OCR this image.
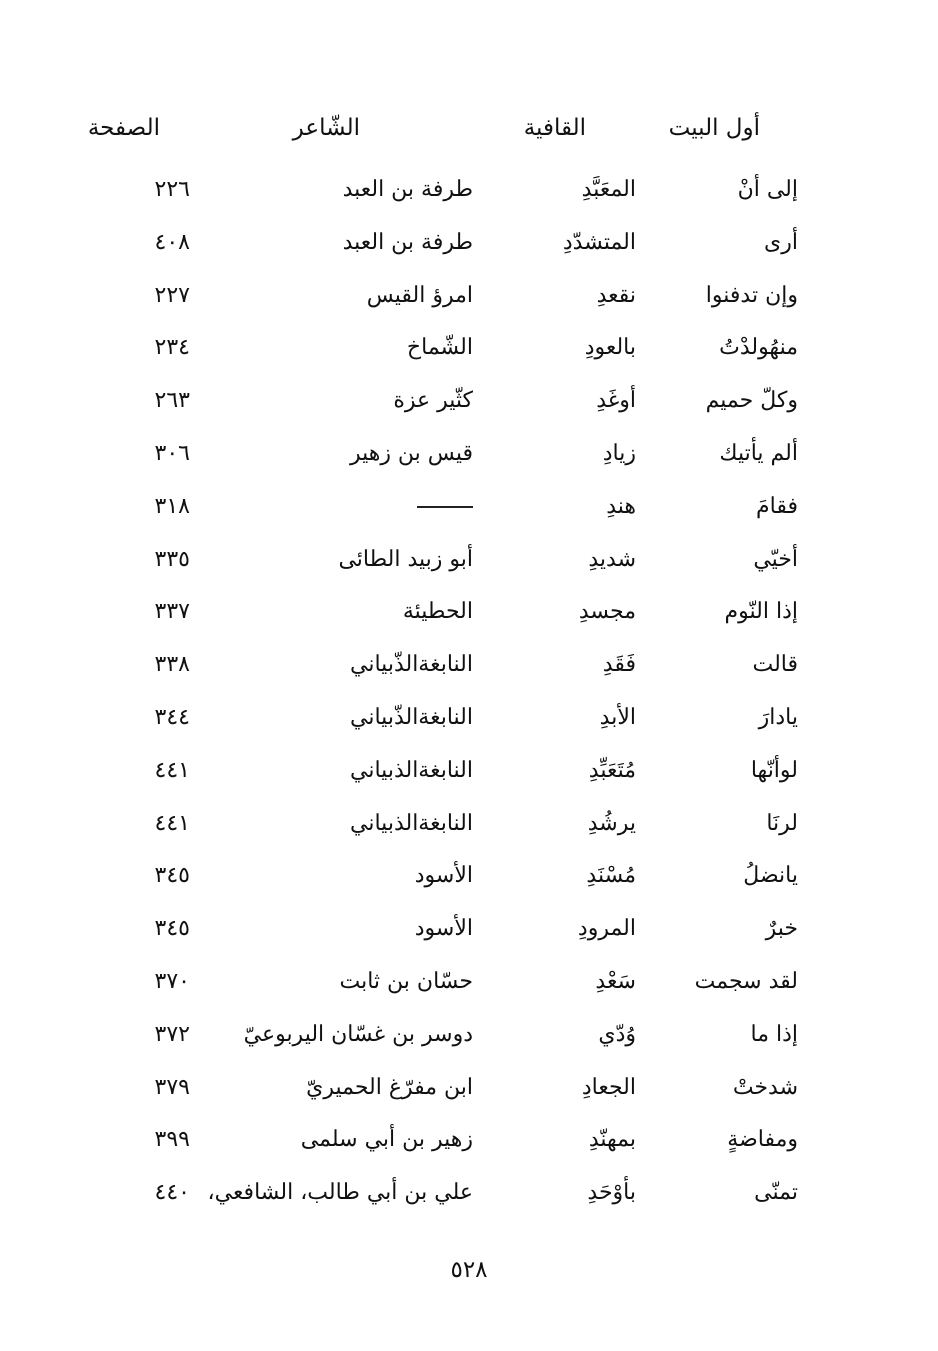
أول البيت
القافية
الشّاعر
الصفحة
إلى أنْ
المعَبَّدِ
طرفة بن العبد
٢٢٦
أرى
المتشدّدِ
طرفة بن العبد
٤٠٨
وإن تدفنوا
نقعدِ
امرؤ القيس
٢٢٧
منهُولدْتُ
بالعودِ
الشّماخ
٢٣٤
وكلّ حميم
أوغَدِ
كثّير عزة
٢٦٣
ألم يأتيك
زيادِ
قيس بن زهير
٣٠٦
فقامَ
هندِ
٣١٨
أخيّي
شديدِ
أبو زبيد الطائى
٣٣٥
إذا النّوم
مجسدِ
الحطيئة
٣٣٧
قالت
فَقَدِ
النابغةالذّبياني
٣٣٨
يادارَ
الأبدِ
النابغةالذّبياني
٣٤٤
لوأنّها
مُتَعَبِّدِ
النابغةالذبياني
٤٤١
لرنَا
يرشُدِ
النابغةالذبياني
٤٤١
يانضلُ
مُسْنَدِ
الأسود
٣٤٥
خبرٌ
المرودِ
الأسود
٣٤٥
لقد سجمت
سَعْدِ
حسّان بن ثابت
٣٧٠
إذا ما
وُدّي
دوسر بن غسّان اليربوعيّ
٣٧٢
شدختْ
الجعادِ
ابن مفرّغ الحميريّ
٣٧٩
ومفاضةٍ
بمهنّدِ
زهير بن أبي سلمى
٣٩٩
تمنّى
بأوْحَدِ
علي بن أبي طالب، الشافعي،
٤٤٠
٥٢٨
